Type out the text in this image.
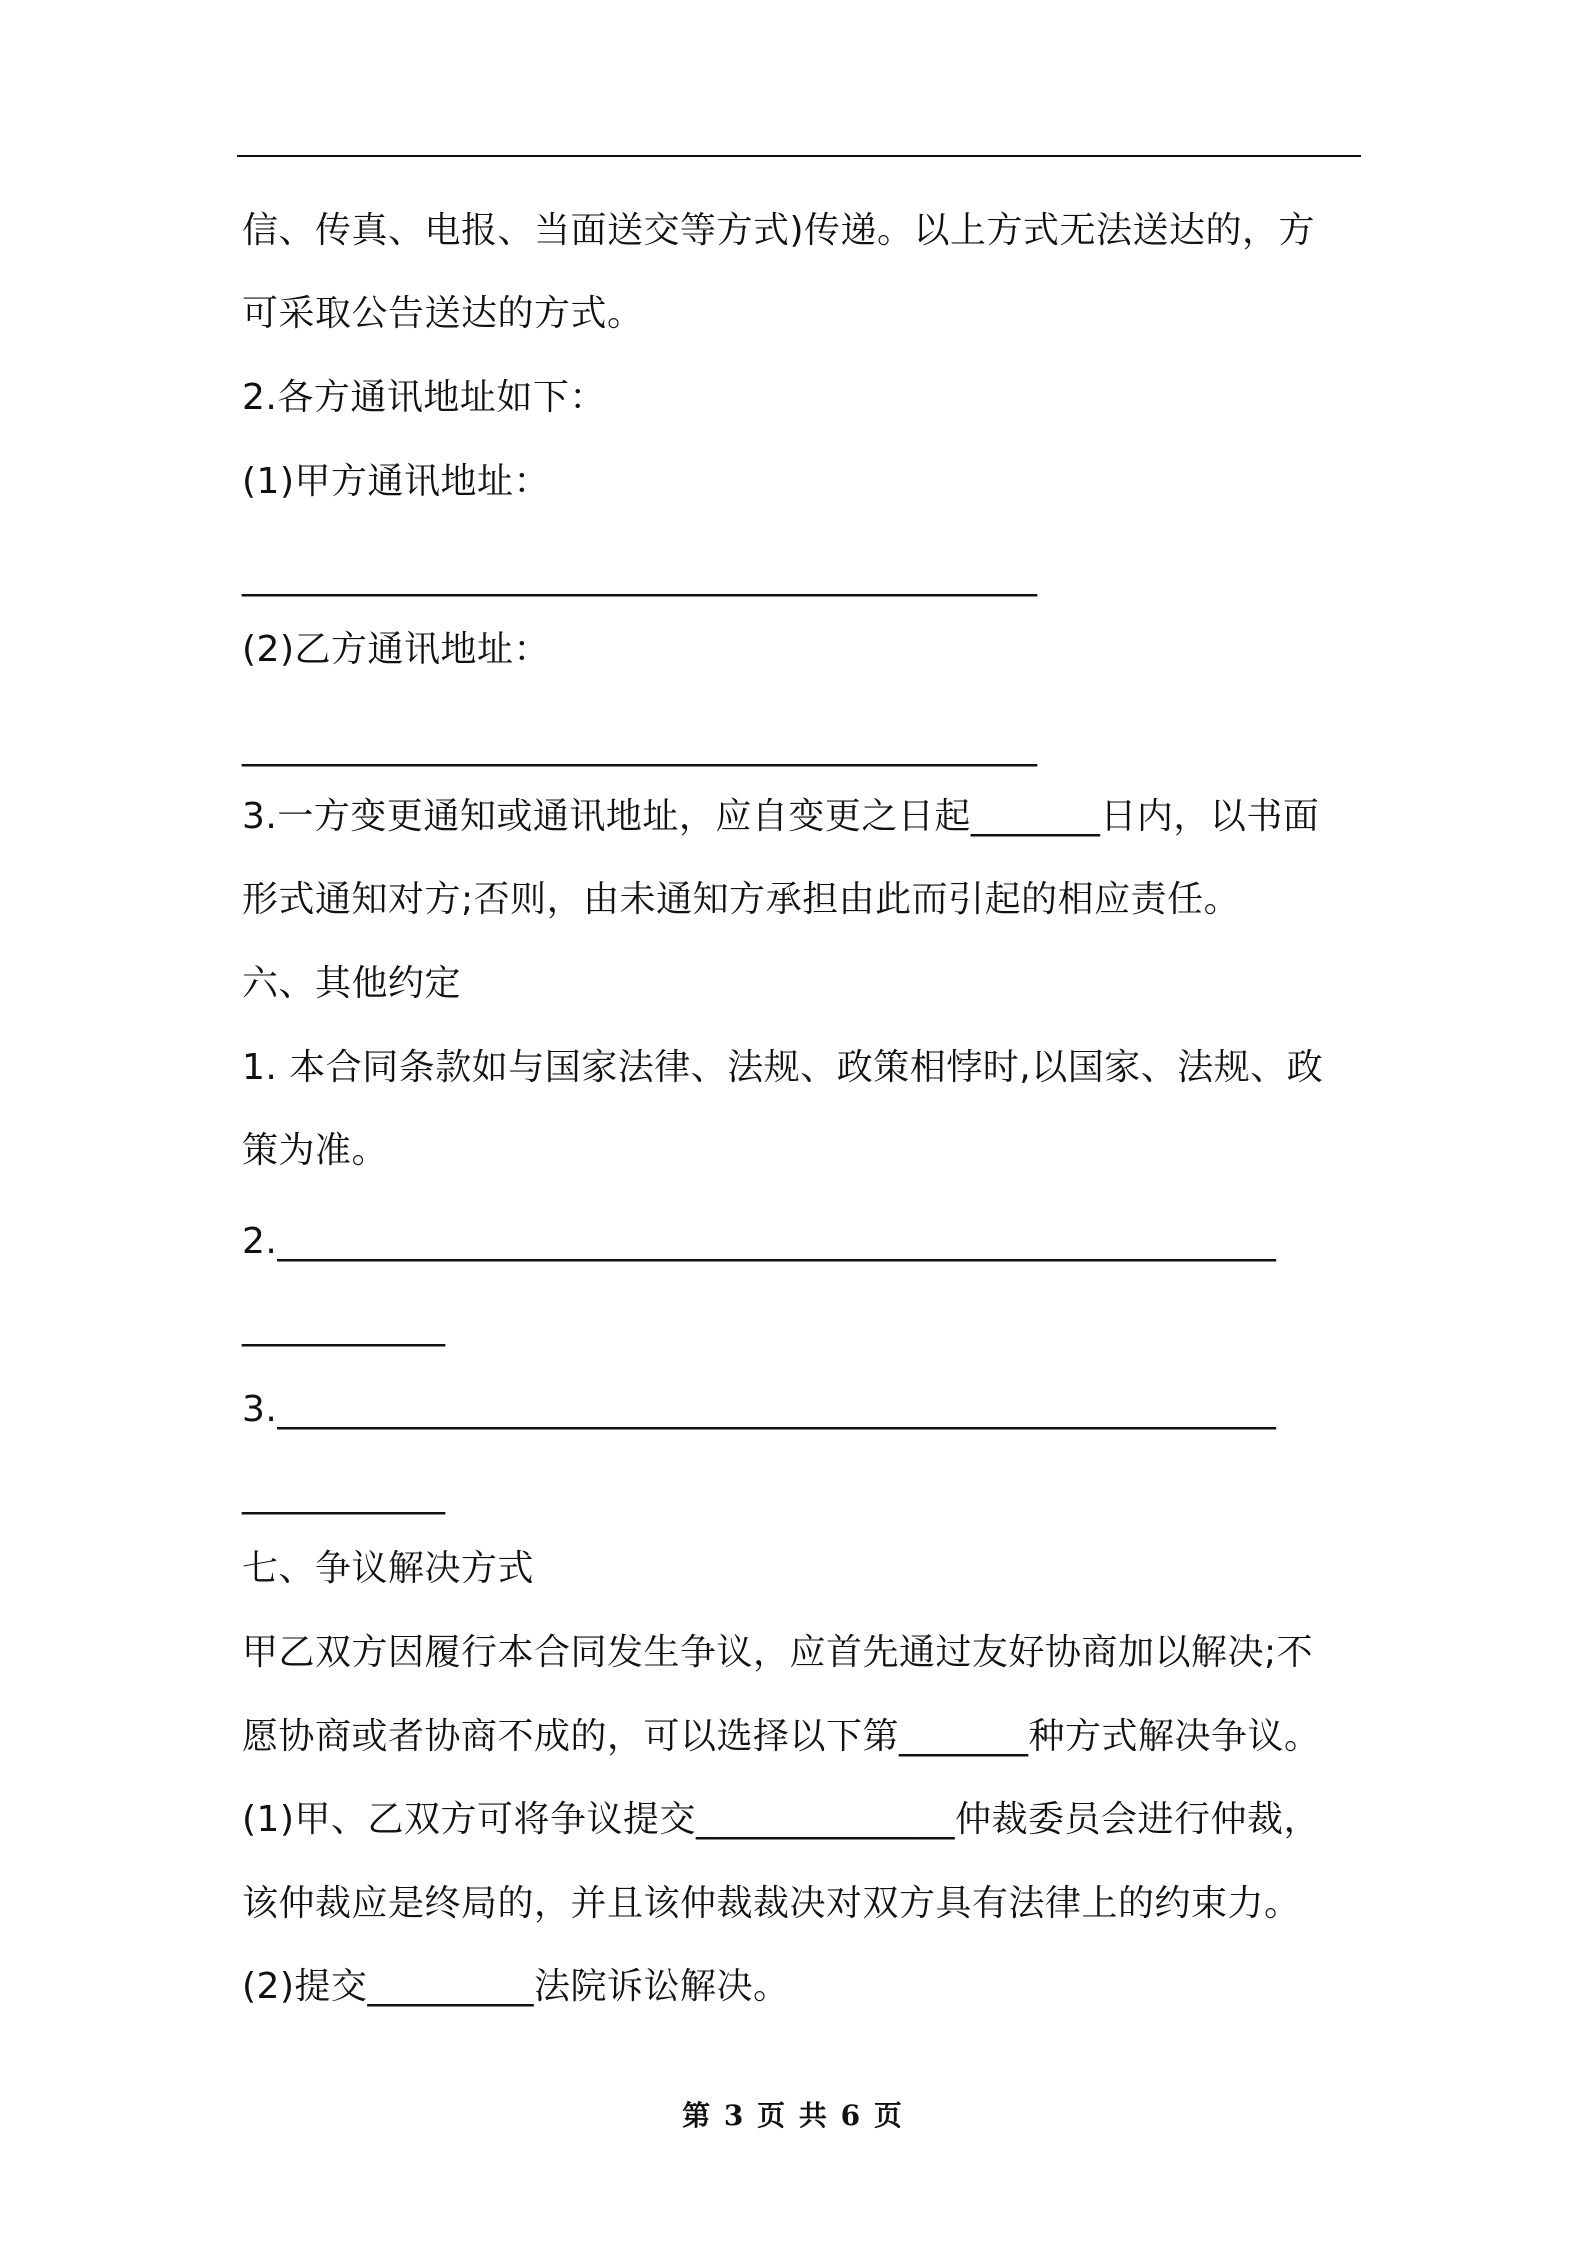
信、传真、电报、当面送交等方式)传递。以上方式无法送达的，方

可采取公告送达的方式。

2.各方通讯地址如下：

(1)甲方通讯地址：

___________________________________________

(2)乙方通讯地址：

___________________________________________

3.一方变更通知或通讯地址，应自变更之日起_______日内，以书面

形式通知对方;否则，由未通知方承担由此而引起的相应责任。

六、其他约定

1. 本合同条款如与国家法律、法规、政策相悖时,以国家、法规、政

策为准。

2.______________________________________________________

___________

3.______________________________________________________

___________

七、争议解决方式

甲乙双方因履行本合同发生争议，应首先通过友好协商加以解决;不

愿协商或者协商不成的，可以选择以下第_______种方式解决争议。

(1)甲、乙双方可将争议提交______________仲裁委员会进行仲裁，

该仲裁应是终局的，并且该仲裁裁决对双方具有法律上的约束力。

(2)提交_________法院诉讼解决。

第 3 页 共 6 页
